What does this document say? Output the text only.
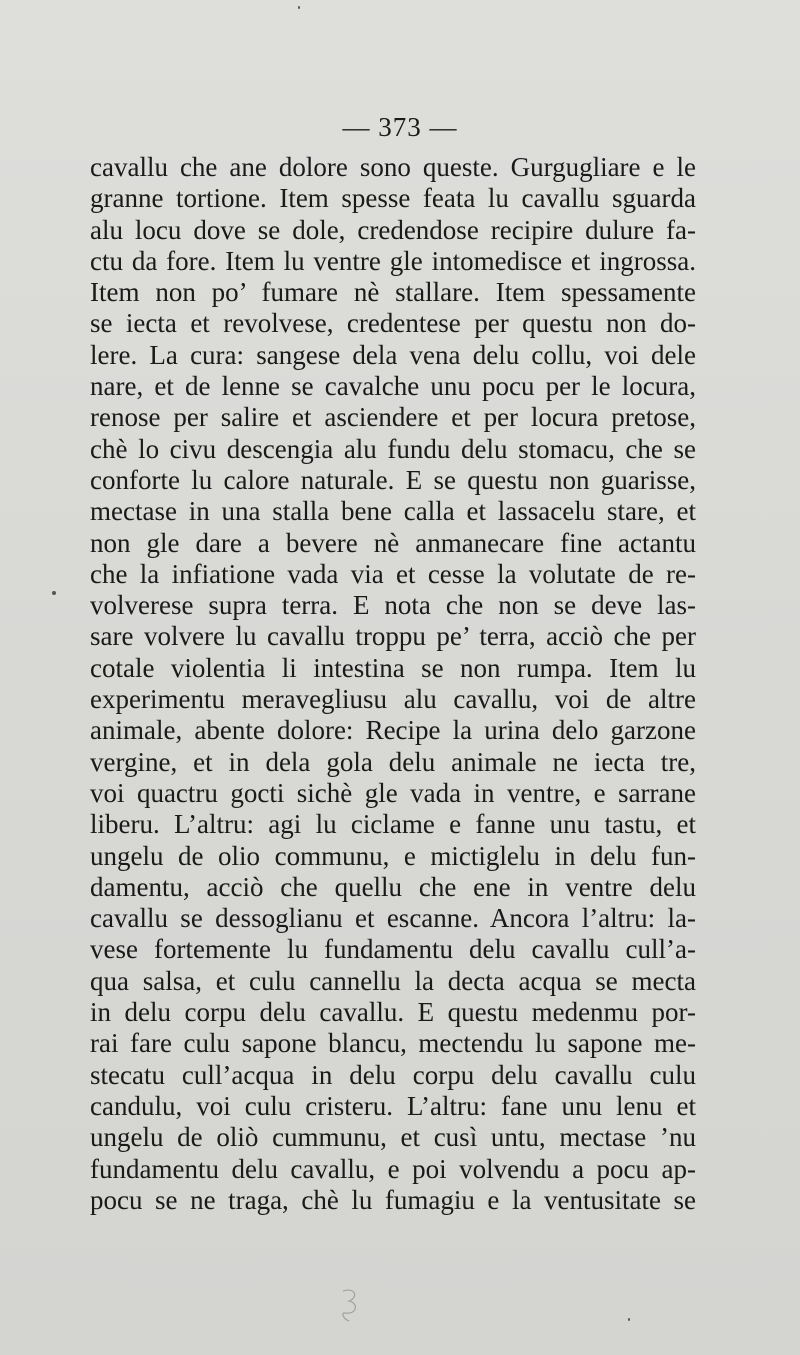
— 373 —
cavallu che ane dolore sono queste. Gurgugliare e le
granne tortione. Item spesse feata lu cavallu sguarda
alu locu dove se dole, credendose recipire dulure fa-
ctu da fore. Item lu ventre gle intomedisce et ingrossa.
Item non po’ fumare nè stallare. Item spessamente
se iecta et revolvese, credentese per questu non do-
lere. La cura: sangese dela vena delu collu, voi dele
nare, et de lenne se cavalche unu pocu per le locura,
renose per salire et asciendere et per locura pretose,
chè lo civu descengia alu fundu delu stomacu, che se
conforte lu calore naturale. E se questu non guarisse,
mectase in una stalla bene calla et lassacelu stare, et
non gle dare a bevere nè anmanecare fine actantu
che la infiatione vada via et cesse la volutate de re-
volverese supra terra. E nota che non se deve las-
sare volvere lu cavallu troppu pe’ terra, acciò che per
cotale violentia li intestina se non rumpa. Item lu
experimentu meravegliusu alu cavallu, voi de altre
animale, abente dolore: Recipe la urina delo garzone
vergine, et in dela gola delu animale ne iecta tre,
voi quactru gocti sichè gle vada in ventre, e sarrane
liberu. L’altru: agi lu ciclame e fanne unu tastu, et
ungelu de olio communu, e mictiglelu in delu fun-
damentu, acciò che quellu che ene in ventre delu
cavallu se dessoglianu et escanne. Ancora l’altru: la-
vese fortemente lu fundamentu delu cavallu cull’a-
qua salsa, et culu cannellu la decta acqua se mecta
in delu corpu delu cavallu. E questu medenmu por-
rai fare culu sapone blancu, mectendu lu sapone me-
stecatu cull’acqua in delu corpu delu cavallu culu
candulu, voi culu cristeru. L’altru: fane unu lenu et
ungelu de oliò cummunu, et cusì untu, mectase ’nu
fundamentu delu cavallu, e poi volvendu a pocu ap-
pocu se ne traga, chè lu fumagiu e la ventusitate se
